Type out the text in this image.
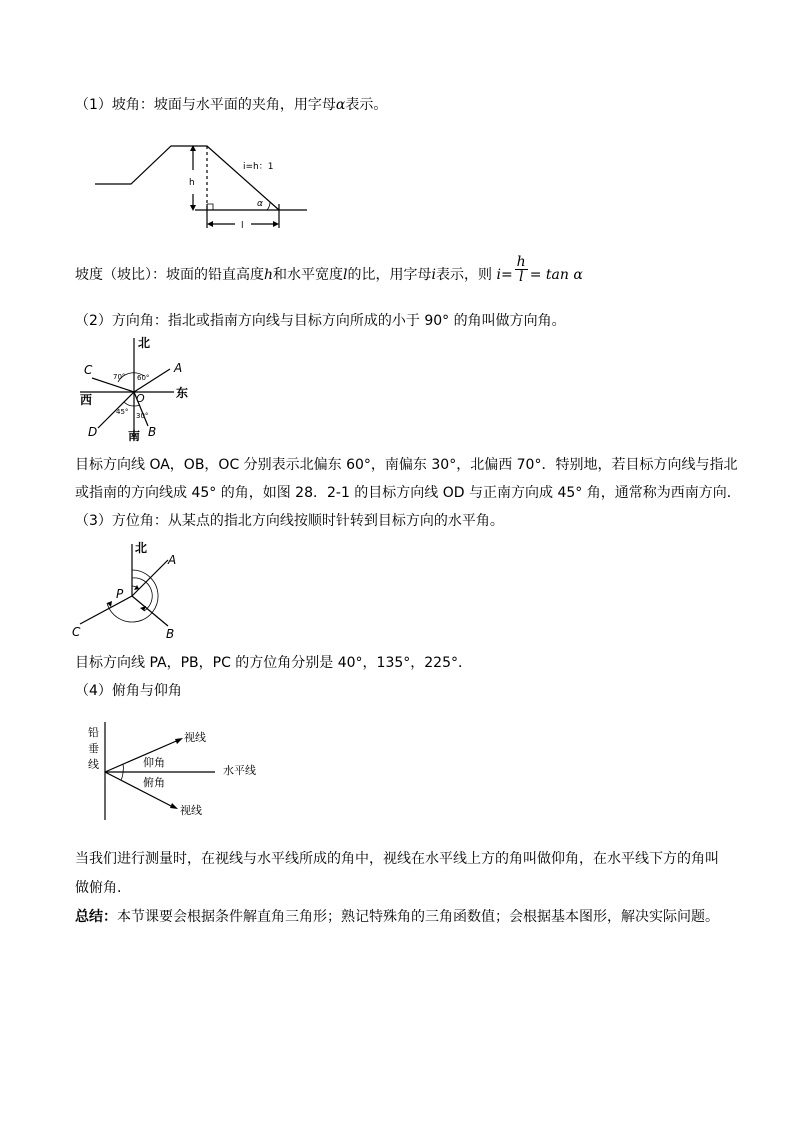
（1）坡角：坡面与水平面的夹角，用字母α表示。
i=h：1
h
l
α
坡度（坡比）：坡面的铅直高度h和水平宽度l的比，用字母i表示，则 $i= \frac{h}{l} = \tan \alpha$
（2）方向角：指北或指南方向线与目标方向所成的小于 90° 的角叫做方向角。
北
南
东
西
A
B
C
D
O
70° 60°
45° 30°
目标方向线 OA，OB，OC 分别表示北偏东 60°，南偏东 30°，北偏西 70°．特别地，若目标方向线与指北
或指南的方向线成 45° 的角，如图 28．2-1 的目标方向线 OD 与正南方向成 45° 角，通常称为西南方向．
（3）方位角：从某点的指北方向线按顺时针转到目标方向的水平角。
北
A
B
C
P
目标方向线 PA，PB，PC 的方位角分别是 40°，135°，225°．
（4）俯角与仰角
铅
垂
线
视线
仰角
水平线
俯角
视线
当我们进行测量时，在视线与水平线所成的角中，视线在水平线上方的角叫做仰角，在水平线下方的角叫
做俯角.
总结：本节课要会根据条件解直角三角形；熟记特殊角的三角函数值；会根据基本图形，解决实际问题。
